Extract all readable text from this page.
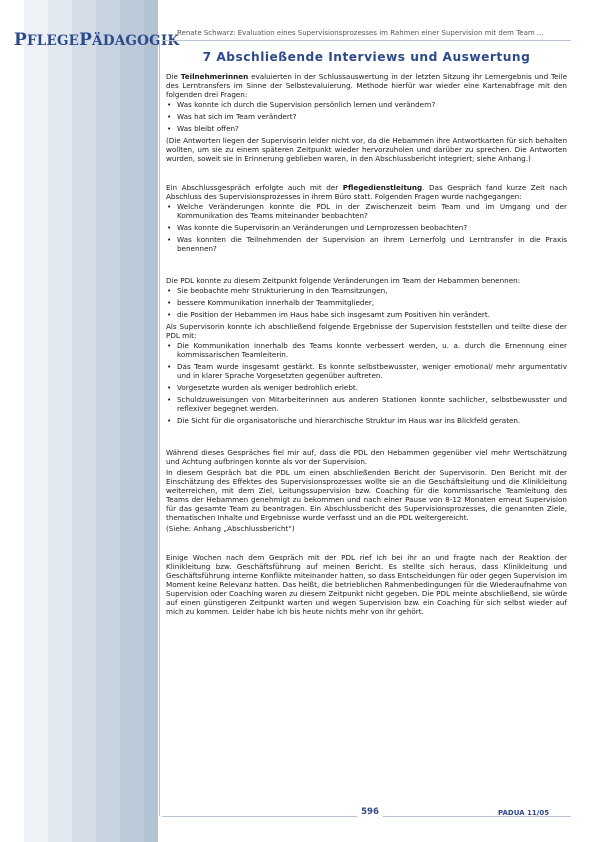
PFLEGEPÄDAGOGIK
Renate Schwarz: Evaluation eines Supervisionsprozesses im Rahmen einer Supervision mit dem Team ...
7 Abschließende Interviews und Auswertung

Die Teilnehmerinnen evaluierten in der Schlussauswertung in der letzten Sitzung ihr Lernergebnis und Teile des Lerntransfers im Sinne der Selbstevaluierung. Methode hierfür war wieder eine Kartenabfrage mit den folgenden drei Fragen:

• Was konnte ich durch die Supervision persönlich lernen und verändern?
• Was hat sich im Team verändert?
• Was bleibt offen?

(Die Antworten liegen der Supervisorin leider nicht vor, da die Hebammen ihre Antwortkarten für sich behalten wollten, um sie zu einem späteren Zeitpunkt wieder hervorzuholen und darüber zu sprechen. Die Antworten wurden, soweit sie in Erinnerung geblieben waren, in den Abschlussbericht integriert; siehe Anhang.)

Ein Abschlussgespräch erfolgte auch mit der Pflegedienstleitung. Das Gespräch fand kurze Zeit nach Abschluss des Supervisionsprozesses in ihrem Büro statt. Folgenden Fragen wurde nachgegangen:

• Welche Veränderungen konnte die PDL in der Zwischenzeit beim Team und im Umgang und der Kommunikation des Teams miteinander beobachten?
• Was konnte die Supervisorin an Veränderungen und Lernprozessen beobachten?
• Was konnten die Teilnehmenden der Supervision an ihrem Lernerfolg und Lerntransfer in die Praxis benennen?

Die PDL konnte zu diesem Zeitpunkt folgende Veränderungen im Team der Hebammen benennen:

• Sie beobachte mehr Strukturierung in den Teamsitzungen,
• bessere Kommunikation innerhalb der Teammitglieder,
• die Position der Hebammen im Haus habe sich insgesamt zum Positiven hin verändert.

Als Supervisorin konnte ich abschließend folgende Ergebnisse der Supervision feststellen und teilte diese der PDL mit:

• Die Kommunikation innerhalb des Teams konnte verbessert werden, u. a. durch die Ernennung einer kommissarischen Teamleiterin.
• Das Team wurde insgesamt gestärkt. Es konnte selbstbewusster, weniger emotional/ mehr argumentativ und in klarer Sprache Vorgesetzten gegenüber auftreten.
• Vorgesetzte wurden als weniger bedrohlich erlebt.
• Schuldzuweisungen von Mitarbeiterinnen aus anderen Stationen konnte sachlicher, selbstbewusster und reflexiver begegnet werden.
• Die Sicht für die organisatorische und hierarchische Struktur im Haus war ins Blickfeld geraten.

Während dieses Gespräches fiel mir auf, dass die PDL den Hebammen gegenüber viel mehr Wertschätzung und Achtung aufbringen konnte als vor der Supervision.

In diesem Gespräch bat die PDL um einen abschließenden Bericht der Supervisorin. Den Bericht mit der Einschätzung des Effektes des Supervisionsprozesses wollte sie an die Geschäftsleitung und die Klinikleitung weiterreichen, mit dem Ziel, Leitungssupervision bzw. Coaching für die kommissarische Teamleitung des Teams der Hebammen genehmigt zu bekommen und nach einer Pause von 8-12 Monaten erneut Supervision für das gesamte Team zu beantragen. Ein Abschlussbericht des Supervisionsprozesses, die genannten Ziele, thematischen Inhalte und Ergebnisse wurde verfasst und an die PDL weitergereicht.

(Siehe: Anhang „Abschlussbericht“)

Einige Wochen nach dem Gespräch mit der PDL rief ich bei ihr an und fragte nach der Reaktion der Klinikleitung bzw. Geschäftsführung auf meinen Bericht. Es stellte sich heraus, dass Klinikleitung und Geschäftsführung interne Konflikte miteinander hatten, so dass Entscheidungen für oder gegen Supervision im Moment keine Relevanz hatten. Das heißt, die betrieblichen Rahmenbedingungen für die Wiederaufnahme von Supervision oder Coaching waren zu diesem Zeitpunkt nicht gegeben. Die PDL meinte abschließend, sie würde auf einen günstigeren Zeitpunkt warten und wegen Supervision bzw. ein Coaching für sich selbst wieder auf mich zu kommen. Leider habe ich bis heute nichts mehr von ihr gehört.

596	PADUA 11/05
